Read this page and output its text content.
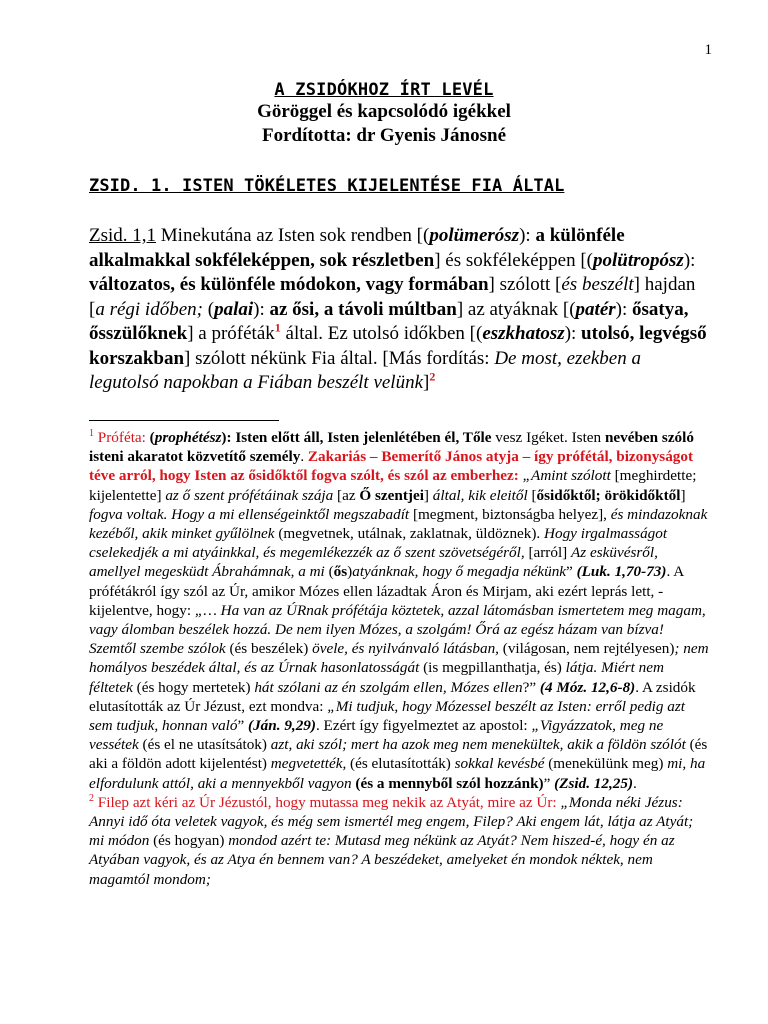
1
A ZSIDÓKHOZ ÍRT LEVÉL
Göröggel és kapcsolódó igékkel
Fordította: dr Gyenis Jánosné
ZSID. 1. ISTEN TÖKÉLETES KIJELENTÉSE FIA ÁLTAL
Zsid. 1,1 Minekutána az Isten sok rendben [(polümerósz): a különféle alkalmakkal sokféleképpen, sok részletben] és sokféleképpen [(polütropósz): változatos, és különféle módokon, vagy formában] szólott [és beszélt] hajdan [a régi időben; (palai): az ősi, a távoli múltban] az atyáknak [(patér): ősatya, ősszülőknek] a próféták$^1$ által. Ez utolsó időkben [(eszkhatosz): utolsó, legvégső korszakban] szólott nékünk Fia által. [Más fordítás: De most, ezekben a legutolsó napokban a Fiában beszélt velünk]$^2$

$^1$ Próféta: (prophétész): Isten előtt áll, Isten jelenlétében él, Tőle vesz Igéket. Isten nevében szóló isteni akaratot közvetítő személy. Zakariás – Bemerítő János atyja – így prófétál, bizonyságot téve arról, hogy Isten az ősidőktől fogva szólt, és szól az emberhez: „Amint szólott [meghirdette; kijelentette] az ő szent prófétáinak szája [az Ő szentjei] által, kik eleitől [ősidőktől; örökidőktől] fogva voltak. Hogy a mi ellenségeinktől megszabadít [megment, biztonságba helyez], és mindazoknak kezéből, akik minket gyűlölnek (megvetnek, utálnak, zaklatnak, üldöznek). Hogy irgalmasságot cselekedjék a mi atyáinkkal, és megemlékezzék az ő szent szövetségéről, [arról] Az esküvésről, amellyel megesküdt Ábrahámnak, a mi (ős)atyánknak, hogy ő megadja nékünk” (Luk. 1,70-73). A prófétákról így szól az Úr, amikor Mózes ellen lázadtak Áron és Mirjam, aki ezért leprás lett, - kijelentve, hogy: „… Ha van az ÚRnak prófétája köztetek, azzal látomásban ismertetem meg magam, vagy álomban beszélek hozzá. De nem ilyen Mózes, a szolgám! Őrá az egész házam van bízva! Szemtől szembe szólok (és beszélek) övele, és nyilvánvaló látásban, (világosan, nem rejtélyesen); nem homályos beszédek által, és az Úrnak hasonlatosságát (is megpillanthatja, és) látja. Miért nem féltetek (és hogy mertetek) hát szólani az én szolgám ellen, Mózes ellen?” (4 Móz. 12,6-8). A zsidók elutasították az Úr Jézust, ezt mondva: „Mi tudjuk, hogy Mózessel beszélt az Isten: erről pedig azt sem tudjuk, honnan való” (Ján. 9,29). Ezért így figyelmeztet az apostol: „Vigyázzatok, meg ne vessétek (és el ne utasítsátok) azt, aki szól; mert ha azok meg nem menekültek, akik a földön szólót (és aki a földön adott kijelentést) megvetették, (és elutasították) sokkal kevésbé (menekülünk meg) mi, ha elfordulunk attól, aki a mennyekből vagyon (és a mennyből szól hozzánk)” (Zsid. 12,25).

$^2$ Filep azt kéri az Úr Jézustól, hogy mutassa meg nekik az Atyát, mire az Úr: „Monda néki Jézus: Annyi idő óta veletek vagyok, és még sem ismertél meg engem, Filep? Aki engem lát, látja az Atyát; mi módon (és hogyan) mondod azért te: Mutasd meg nékünk az Atyát? Nem hiszed-é, hogy én az Atyában vagyok, és az Atya én bennem van? A beszédeket, amelyeket én mondok néktek, nem magamtól mondom;
